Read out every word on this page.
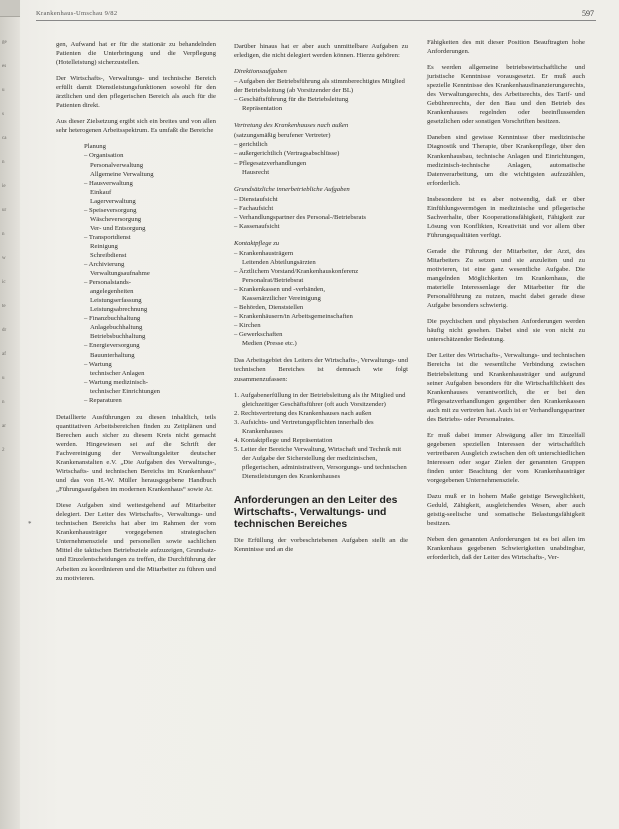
ge
es
u
s
ca
n
ie
ur
n
w
ic
te
dr
af
u
n
ar
2
Krankenhaus-Umschau 9/82	597
*

gen, Aufwand hat er für die stationär zu behandelnden Patienten die Unterbringung und die Verpflegung (Hotelleistung) sicherzustellen.

Der Wirtschafts-, Verwaltungs- und technische Bereich erfüllt damit Dienstleistungsfunktionen sowohl für den ärztlichen und den pflegerischen Bereich als auch für die Patienten direkt.

Aus dieser Zielsetzung ergibt sich ein breites und von allen sehr heterogenen Arbeitsspektrum. Es umfaßt die Bereiche

Planung
– Organisation
Personalverwaltung
Allgemeine Verwaltung
– Hausverwaltung
Einkauf
Lagerverwaltung
– Speiseversorgung
Wäscheversorgung
Ver- und Entsorgung
– Transportdienst
Reinigung
Schreibdienst
– Archivierung
Verwaltungsaufnahme
– Personalstands-
angelegenheiten
Leistungserfassung
Leistungsabrechnung
– Finanzbuchhaltung
Anlagebuchhaltung
Betriebsbuchhaltung
– Energieversorgung
Bauunterhaltung
– Wartung
technischer Anlagen
– Wartung medizinisch-
technischer Einrichtungen
– Reparaturen

Detaillierte Ausführungen zu diesen inhaltlich, teils quantitativen Arbeitsbereichen finden zu Zeitplänen und Berechen auch sicher zu diesem Kreis nicht gemacht werden. Hingewiesen sei auf die Schrift der Fachvereinigung der Verwaltungsleiter deutscher Krankenanstalten e.V. „Die Aufgaben des Verwaltungs-, Wirtschafts- und technischen Bereichs im Krankenhaus“ und das von H.-W. Müller herausgegebene Handbuch „Führungsaufgaben im modernen Krankenhaus“ sowie Ar.

Diese Aufgaben sind weitestgehend auf Mitarbeiter delegiert. Der Leiter des Wirtschafts-, Verwaltungs- und technischen Bereichs hat aber im Rahmen der vom Krankenhausträger vorgegebenen strategischen Unternehmensziele und personellen sowie sachlichen Mittel die taktischen Betriebsziele aufzuzeigen, Grundsatz- und Einzelentscheidungen zu treffen, die Durchführung der Arbeiten zu koordinieren und die Mitarbeiter zu führen und zu motivieren.

Darüber hinaus hat er aber auch unmittelbare Aufgaben zu erledigen, die nicht delegiert werden können. Hierzu gehören:

Direktionsaufgaben
– Aufgaben der Betriebsführung als stimmberechtigtes Mitglied der Betriebsleitung (ab Vorsitzender der BL)
– Geschäftsführung für die Betriebsleitung
Repräsentation
Vertretung des Krankenhauses nach außen
(satzungsmäßig berufener Vertreter)
– gerichtlich
– außergerichtlich (Vertragsabschlüsse)
– Pflegesatzverhandlungen
Hausrecht
Grundsätzliche innerbetriebliche Aufgaben
– Dienstaufsicht
– Fachaufsicht
– Verhandlungspartner des Personal-/Betriebsrats
– Kassenaufsicht
Kontaktpflege zu
– Krankenhausträgern
Leitenden Abteilungsärzten
– Ärztlichem Vorstand/Krankenhauskonferenz
Personalrat/Betriebsrat
– Krankenkassen und -verbänden,
Kassenärztlicher Vereinigung
– Behörden, Dienststellen
– Krankenhäusern/in Arbeitsgemeinschaften
– Kirchen
– Gewerkschaften
Medien (Presse etc.)

Das Arbeitsgebiet des Leiters der Wirtschafts-, Verwaltungs- und technischen Bereiches ist demnach wie folgt zusammenzufassen:

1. Aufgabenerfüllung in der Betriebsleitung als ihr Mitglied und gleichzeitiger Geschäftsführer (oft auch Vorsitzender)
2. Rechtsvertretung des Krankenhauses nach außen
3. Aufsichts- und Vertretungspflichten innerhalb des Krankenhauses
4. Kontaktpflege und Repräsentation
5. Leiter der Bereiche Verwaltung, Wirtschaft und Technik mit der Aufgabe der Sicherstellung der medizinischen, pflegerischen, administrativen, Versorgungs- und technischen Dienstleistungen des Krankenhauses
Anforderungen an den Leiter des Wirtschafts-, Verwaltungs- und technischen Bereiches

Die Erfüllung der vorbeschriebenen Aufgaben stellt an die Kenntnisse und an die

Fähigkeiten des mit dieser Position Beauftragten hohe Anforderungen.

Es werden allgemeine betriebswirtschaftliche und juristische Kenntnisse vorausgesetzt. Er muß auch spezielle Kenntnisse des Krankenhausfinanzierungsrechts, des Verwaltungsrechts, des Arbeitsrechts, des Tarif- und Gebührenrechts, der den Bau und den Betrieb des Krankenhauses regelnden oder beeinflussenden gesetzlichen oder sonstigen Vorschriften besitzen.

Daneben sind gewisse Kenntnisse über medizinische Diagnostik und Therapie, über Krankenpflege, über den Krankenhausbau, technische Anlagen und Einrichtungen, medizinisch-technische Anlagen, automatische Datenverarbeitung, um die wichtigsten aufzuzählen, erforderlich.

Insbesondere ist es aber notwendig, daß er über Einfühlungsvermögen in medizinische und pflegerische Sachverhalte, über Kooperationsfähigkeit, Fähigkeit zur Lösung von Konflikten, Kreativität und vor allem über Führungsqualitäten verfügt.

Gerade die Führung der Mitarbeiter, der Arzt, des Mitarbeiters Zu setzen und sie anzuleiten und zu motivieren, ist eine ganz wesentliche Aufgabe. Die mangelnden Möglichkeiten im Krankenhaus, die materielle Interessenlage der Mitarbeiter für die Personalführung zu nutzen, macht dabei gerade diese Aufgabe besonders schwierig.

Die psychischen und physischen Anforderungen werden häufig nicht gesehen. Dabei sind sie von nicht zu unterschätzender Bedeutung.

Der Leiter des Wirtschafts-, Verwaltungs- und technischen Bereichs ist die wesentliche Verbindung zwischen Betriebsleitung und Krankenhausträger und aufgrund seiner Aufgaben besonders für die Wirtschaftlichkeit des Krankenhauses verantwortlich, die er bei den Pflegesatzverhandlungen gegenüber den Krankenkassen auch mit zu vertreten hat. Auch ist er Verhandlungspartner des Betriebs- oder Personalrates.

Er muß dabei immer Abwägung aller im Einzelfall gegebenen speziellen Interessen der wirtschaftlich vertretbaren Ausgleich zwischen den oft unterschiedlichen Interessen oder sogar Zielen der genannten Gruppen finden unter Beachtung der vom Krankenhausträger vorgegebenen Unternehmensziele.

Dazu muß er in hohem Maße geistige Beweglichkeit, Geduld, Zähigkeit, ausgleichendes Wesen, aber auch geistig-seelische und somatische Belastungsfähigkeit besitzen.

Neben den genannten Anforderungen ist es bei allen im Krankenhaus gegebenen Schwierigkeiten unabdingbar, erforderlich, daß der Leiter des Wirtschafts-, Ver-
